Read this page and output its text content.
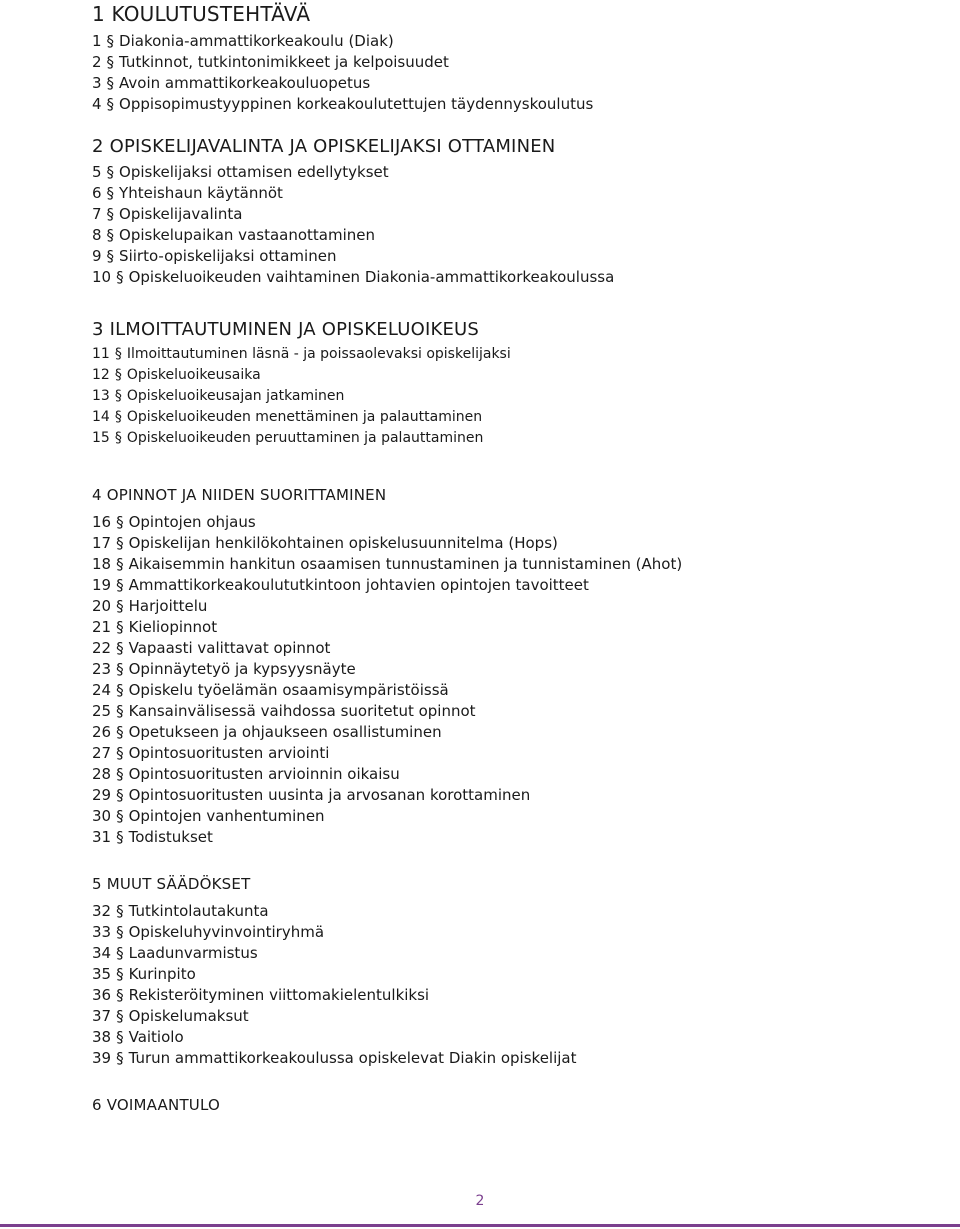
1 KOULUTUSTEHTÄVÄ
1 § Diakonia-ammattikorkeakoulu (Diak)
2 § Tutkinnot, tutkintonimikkeet ja kelpoisuudet
3 § Avoin ammattikorkeakouluopetus
4 § Oppisopimustyyppinen korkeakoulutettujen täydennyskoulutus
2 OPISKELIJAVALINTA JA OPISKELIJAKSI OTTAMINEN
5 § Opiskelijaksi ottamisen edellytykset
6 § Yhteishaun käytännöt
7 § Opiskelijavalinta
8 § Opiskelupaikan vastaanottaminen
9 § Siirto-opiskelijaksi ottaminen
10 § Opiskeluoikeuden vaihtaminen Diakonia-ammattikorkeakoulussa
3 ILMOITTAUTUMINEN JA OPISKELUOIKEUS
11 § Ilmoittautuminen läsnä - ja poissaolevaksi opiskelijaksi
12 § Opiskeluoikeusaika
13 § Opiskeluoikeusajan jatkaminen
14 § Opiskeluoikeuden menettäminen ja palauttaminen
15 § Opiskeluoikeuden peruuttaminen ja palauttaminen
4 OPINNOT JA NIIDEN SUORITTAMINEN
16 § Opintojen ohjaus
17 § Opiskelijan henkilökohtainen opiskelusuunnitelma (Hops)
18 § Aikaisemmin hankitun osaamisen tunnustaminen ja tunnistaminen (Ahot)
19 § Ammattikorkeakoulututkintoon johtavien opintojen tavoitteet
20 § Harjoittelu
21 § Kieliopinnot
22 § Vapaasti valittavat opinnot
23 § Opinnäytetyö ja kypsyysnäyte
24 § Opiskelu työelämän osaamisympäristöissä
25 § Kansainvälisessä vaihdossa suoritetut opinnot
26 § Opetukseen ja ohjaukseen osallistuminen
27 § Opintosuoritusten arviointi
28 § Opintosuoritusten arvioinnin oikaisu
29 § Opintosuoritusten uusinta ja arvosanan korottaminen
30 § Opintojen vanhentuminen
31 § Todistukset
5 MUUT SÄÄDÖKSET
32 § Tutkintolautakunta
33 § Opiskeluhyvinvointiryhmä
34 § Laadunvarmistus
35 § Kurinpito
36 § Rekisteröityminen viittomakielentulkiksi
37 § Opiskelumaksut
38 § Vaitiolo
39 § Turun ammattikorkeakoulussa opiskelevat Diakin opiskelijat
6 VOIMAANTULO
2
